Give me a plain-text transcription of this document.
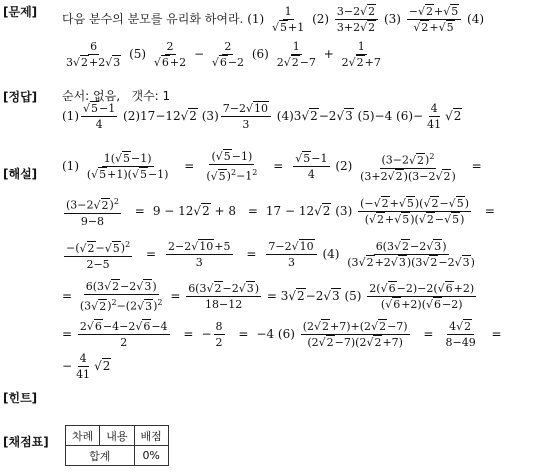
[문제]
[정답]
[해설]
[힌트]
[채점표]
다음 분수의 분모를 유리화 하여라. (1) 1
√ 5+1 $(2) \frac{3-2 √ 2}{3+2 √ 2} (3)$ − √ 2+ √ 5
√ 2+ √ 5 (4)
$\frac{6}{3 √ 2+2 √ 3} (5)$ 2
√ 6+2 − 2
√ 6−2 $(6) \frac{1}{2 √ 2-7} + \frac{1}{2 √ 2+7}$
순서: 없음, 갯수: 1
(1) √ $\frac{5-1}{4} (2)17-12$ √ 2 $(3) \frac{7-2 √ 10}{3} (4)3$ √ 2−2 √ 3 (5)−4 $(6)- \frac{4}{41}$ √ 2
$(1) \frac{1( √ 5-1)}{( √ 5+1)( √ 5-1)} = \frac{( √ 5-1)}{( √ 5)^2-1^2}$ = √ $\frac{5-1}{4} (2) \frac{(3-2 √ 2)^2}{(3+2 √ 2)(3-2 √ 2)}$ =
$\frac{(3-2 √ 2)^2}{9-8} = 9 - 12$ √ 2 + 8 = 17 − 12 √ 2 $(3) \frac{(- √ 2+ √ 5)( √ 2- √ 5)}{( √ 2+ √ 5)( √ 2- √ 5)}$ =
$\frac{-( √ 2- √ 5)^2}{2-5} = \frac{2-2 √ 10+5}{3} = \frac{7-2 √ 10}{3} (4) \frac{6(3 √ 2-2 √ 3)}{(3 √ 2+2 √ 3)(3 √ 2-2 √ 3)}$
= $\frac{6(3 √ 2-2 √ 3)}{(3 √ 2)^2-(2 √ 3)^2} = \frac{6(3 √ 2-2 √ 3)}{18-12} = 3$ √ 2−2 √ 3 $(5) \frac{2( √ 6-2)-2( √ 6+2)}{( √ 6+2)( √ 6-2)}$
= $\frac{2 √ 6-4-2 √ 6-4}{2}$ = − $\frac{8}{2} = -4$ $(6) \frac{(2 √ 2+7)+(2 √ 2-7)}{(2 √ 2-7)(2 √ 2+7)} = \frac{4 √ 2}{8-49}$ =
− $\frac{4}{41}$ √ 2
차례	내용	배점
합계		0%
